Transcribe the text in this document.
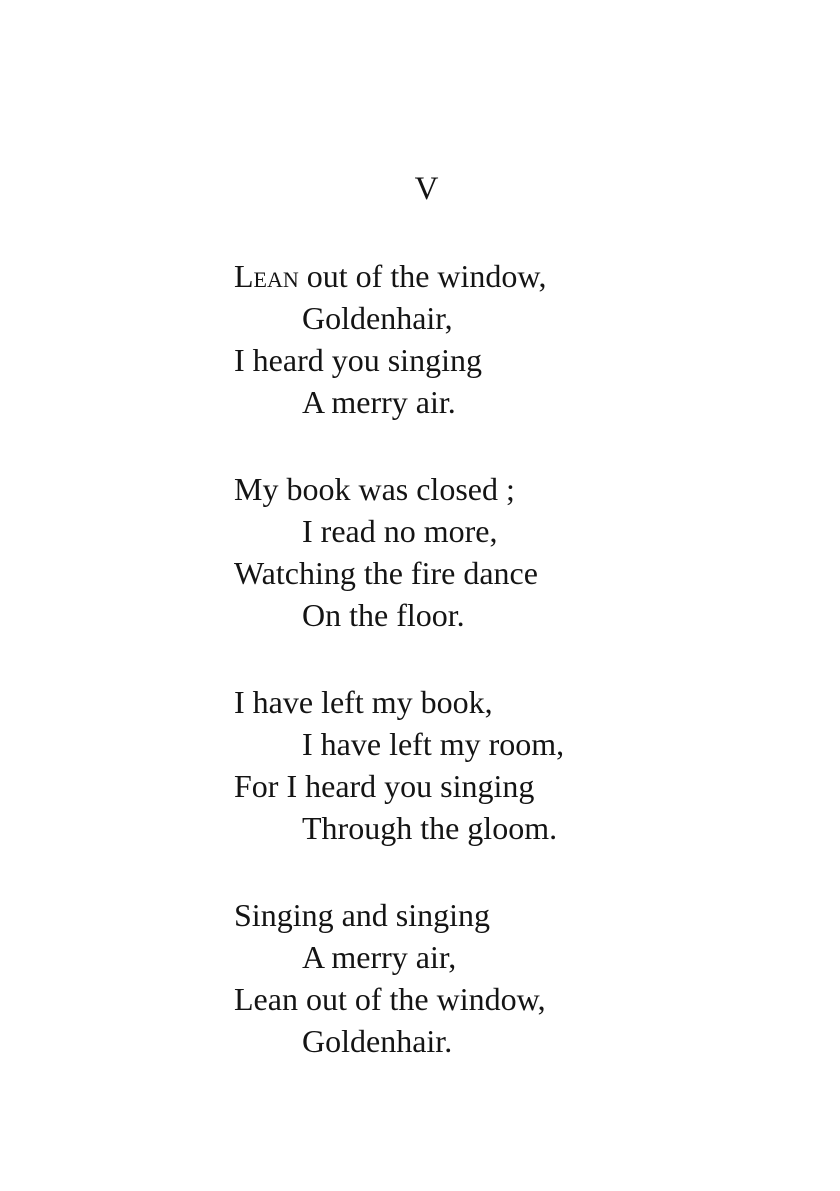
V
Lean out of the window,
Goldenhair,
I heard you singing
A merry air.
My book was closed ;
I read no more,
Watching the fire dance
On the floor.
I have left my book,
I have left my room,
For I heard you singing
Through the gloom.
Singing and singing
A merry air,
Lean out of the window,
Goldenhair.
